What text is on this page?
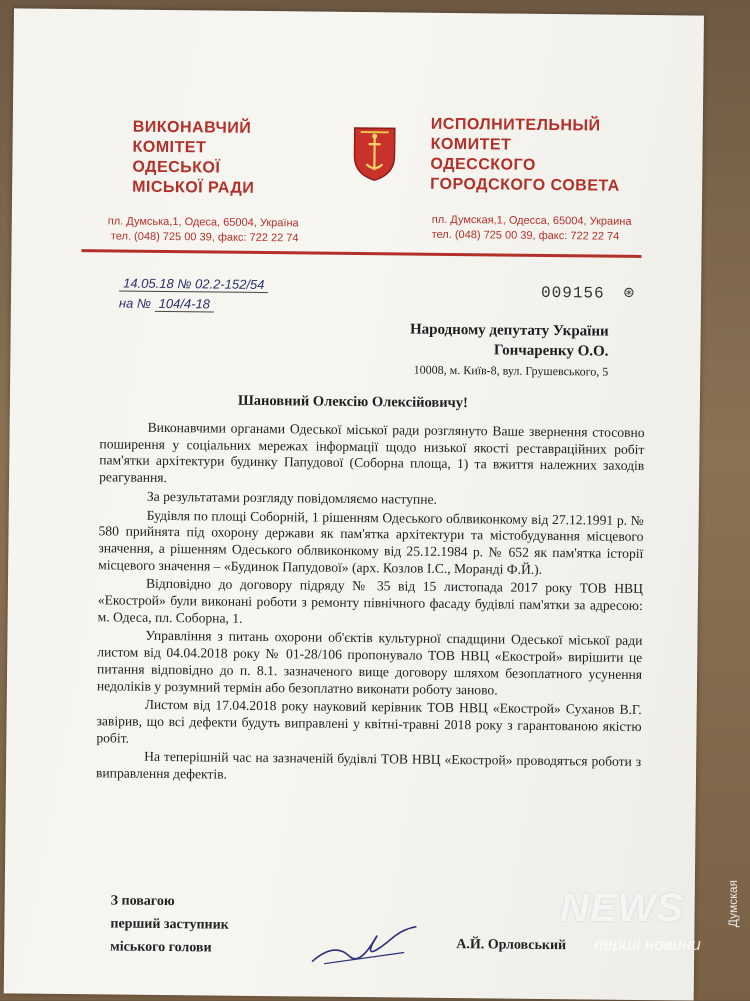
ВИКОНАВЧИЙ
КОМІТЕТ
ОДЕСЬКОЇ
МІСЬКОЇ РАДИ
ИСПОЛНИТЕЛЬНЫЙ
КОМИТЕТ
ОДЕССКОГО
ГОРОДСКОГО СОВЕТА
пл. Думська,1, Одеса, 65004, Україна
тел. (048) 725 00 39, факс: 722 22 74
пл. Думская,1, Одесса, 65004, Украина
тел. (048) 725 00 39, факс: 722 22 74
14.05.18 № 02.2-152/54
на № 104/4-18
009156 ⊛
Народному депутату України
Гончаренку О.О.
10008, м. Київ-8, вул. Грушевського, 5
Шановний Олексію Олексійовичу!

Виконавчими органами Одеської міської ради розглянуто Ваше звернення стосовно поширення у соціальних мережах інформації щодо низької якості реставраційних робіт пам'ятки архітектури будинку Папудової (Соборна площа, 1) та вжиття належних заходів реагування.

За результатами розгляду повідомляємо наступне.

Будівля по площі Соборній, 1 рішенням Одеського облвиконкому від 27.12.1991 р. № 580 прийнята під охорону держави як пам'ятка архітектури та містобудування місцевого значення, а рішенням Одеського облвиконкому від 25.12.1984 р. № 652 як пам'ятка історії місцевого значення – «Будинок Папудової» (арх. Козлов І.С., Моранді Ф.Й.).

Відповідно до договору підряду № 35 від 15 листопада 2017 року ТОВ НВЦ «Екострой» були виконані роботи з ремонту північного фасаду будівлі пам'ятки за адресою: м. Одеса, пл. Соборна, 1.

Управління з питань охорони об'єктів культурної спадщини Одеської міської ради листом від 04.04.2018 року № 01-28/106 пропонувало ТОВ НВЦ «Екострой» вирішити це питання відповідно до п. 8.1. зазначеного вище договору шляхом безоплатного усунення недоліків у розумний термін або безоплатно виконати роботу заново.

Листом від 17.04.2018 року науковий керівник ТОВ НВЦ «Екострой» Суханов В.Г. завірив, що всі дефекти будуть виправлені у квітні-травні 2018 року з гарантованою якістю робіт.

На теперішній час на зазначеній будівлі ТОВ НВЦ «Екострой» проводяться роботи з виправлення дефектів.

З повагою
перший заступник
міського голови	А.Й. Орловський
NEWS
перші новини
Думская
